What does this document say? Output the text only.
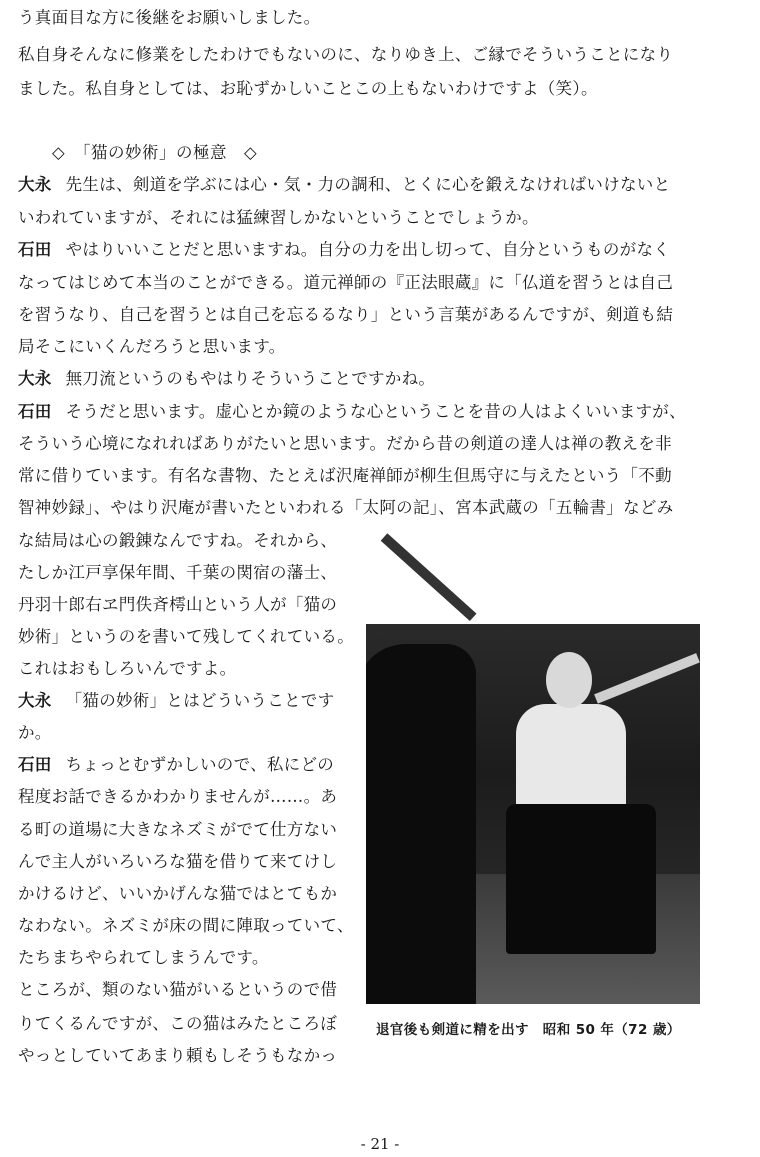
う真面目な方に後継をお願いしました。
私自身そんなに修業をしたわけでもないのに、なりゆき上、ご縁でそういうことになり
ました。私自身としては、お恥ずかしいことこの上もないわけですよ（笑）。
◇　「猫の妙術」の極意　◇
大永 先生は、剣道を学ぶには心・気・力の調和、とくに心を鍛えなければいけないと
いわれていますが、それには猛練習しかないということでしょうか。
石田 やはりいいことだと思いますね。自分の力を出し切って、自分というものがなく
なってはじめて本当のことができる。道元禅師の『正法眼蔵』に「仏道を習うとは自己
を習うなり、自己を習うとは自己を忘るるなり」という言葉があるんですが、剣道も結
局そこにいくんだろうと思います。
大永 無刀流というのもやはりそういうことですかね。
石田 そうだと思います。虚心とか鏡のような心ということを昔の人はよくいいますが、
そういう心境になれればありがたいと思います。だから昔の剣道の達人は禅の教えを非
常に借りています。有名な書物、たとえば沢庵禅師が柳生但馬守に与えたという「不動
智神妙録」、やはり沢庵が書いたといわれる「太阿の記」、宮本武蔵の「五輪書」などみ
な結局は心の鍛錬なんですね。それから、
たしか江戸享保年間、千葉の関宿の藩士、
丹羽十郎右ヱ門佚斉樗山という人が「猫の
妙術」というのを書いて残してくれている。
これはおもしろいんですよ。
大永 「猫の妙術」とはどういうことです
か。
石田 ちょっとむずかしいので、私にどの
程度お話できるかわかりませんが……。あ
る町の道場に大きなネズミがでて仕方ない
んで主人がいろいろな猫を借りて来てけし
かけるけど、いいかげんな猫ではとてもか
なわない。ネズミが床の間に陣取っていて、
たちまちやられてしまうんです。
ところが、類のない猫がいるというので借
りてくるんですが、この猫はみたところぼ
やっとしていてあまり頼もしそうもなかっ
退官後も剣道に精を出す　昭和 50 年（72 歳）
- 21 -
